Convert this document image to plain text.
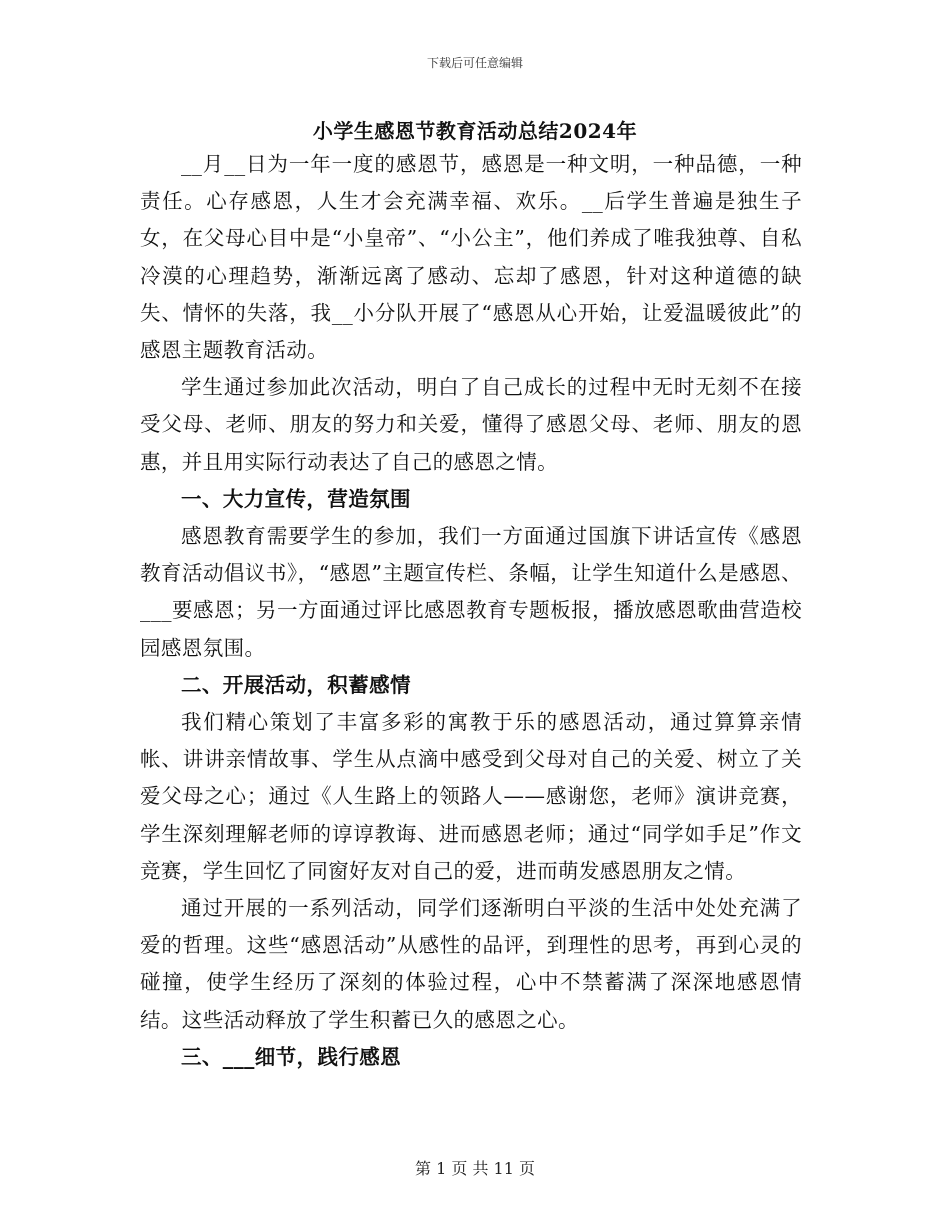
下载后可任意编辑
小学生感恩节教育活动总结2024年

__月__日为一年一度的感恩节，感恩是一种文明，一种品德，一种责任。心存感恩，人生才会充满幸福、欢乐。__后学生普遍是独生子女，在父母心目中是“小皇帝”、“小公主”，他们养成了唯我独尊、自私冷漠的心理趋势，渐渐远离了感动、忘却了感恩，针对这种道德的缺失、情怀的失落，我__小分队开展了“感恩从心开始，让爱温暖彼此”的感恩主题教育活动。

学生通过参加此次活动，明白了自己成长的过程中无时无刻不在接受父母、老师、朋友的努力和关爱，懂得了感恩父母、老师、朋友的恩惠，并且用实际行动表达了自己的感恩之情。

一、大力宣传，营造氛围

感恩教育需要学生的参加，我们一方面通过国旗下讲话宣传《感恩教育活动倡议书》，“感恩”主题宣传栏、条幅，让学生知道什么是感恩、___要感恩；另一方面通过评比感恩教育专题板报，播放感恩歌曲营造校园感恩氛围。

二、开展活动，积蓄感情

我们精心策划了丰富多彩的寓教于乐的感恩活动，通过算算亲情帐、讲讲亲情故事、学生从点滴中感受到父母对自己的关爱、树立了关爱父母之心；通过《人生路上的领路人——感谢您，老师》演讲竞赛，学生深刻理解老师的谆谆教诲、进而感恩老师；通过“同学如手足”作文竞赛，学生回忆了同窗好友对自己的爱，进而萌发感恩朋友之情。

通过开展的一系列活动，同学们逐渐明白平淡的生活中处处充满了爱的哲理。这些“感恩活动”从感性的品评，到理性的思考，再到心灵的碰撞，使学生经历了深刻的体验过程，心中不禁蓄满了深深地感恩情结。这些活动释放了学生积蓄已久的感恩之心。

三、___细节，践行感恩

第 1 页 共 11 页
